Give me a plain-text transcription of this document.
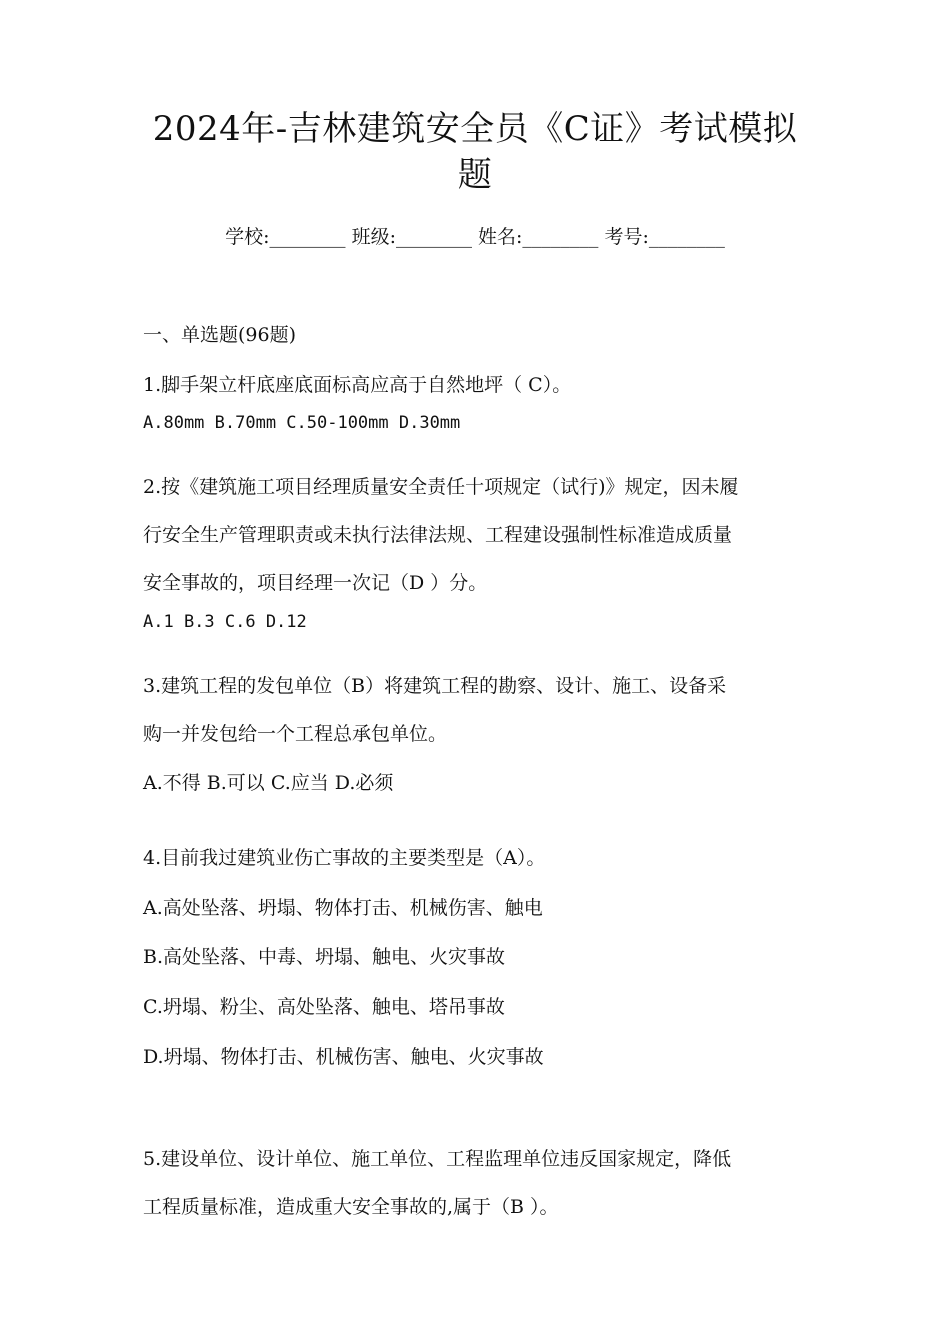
2024年-吉林建筑安全员《C证》考试模拟
题
学校:________ 班级:________ 姓名:________ 考号:________
一、单选题(96题)
1.脚手架立杆底座底面标高应高于自然地坪（ C）。
A.80mm B.70mm C.50-100mm D.30mm
2.按《建筑施工项目经理质量安全责任十项规定（试行)》规定，因未履
行安全生产管理职责或未执行法律法规、工程建设强制性标准造成质量
安全事故的，项目经理一次记（D ）分。
A.1 B.3 C.6 D.12
3.建筑工程的发包单位（B）将建筑工程的勘察、设计、施工、设备采
购一并发包给一个工程总承包单位。
A.不得 B.可以 C.应当 D.必须
4.目前我过建筑业伤亡事故的主要类型是（A）。
A.高处坠落、坍塌、物体打击、机械伤害、触电
B.高处坠落、中毒、坍塌、触电、火灾事故
C.坍塌、粉尘、高处坠落、触电、塔吊事故
D.坍塌、物体打击、机械伤害、触电、火灾事故
5.建设单位、设计单位、施工单位、工程监理单位违反国家规定，降低
工程质量标准，造成重大安全事故的,属于（B ）。
